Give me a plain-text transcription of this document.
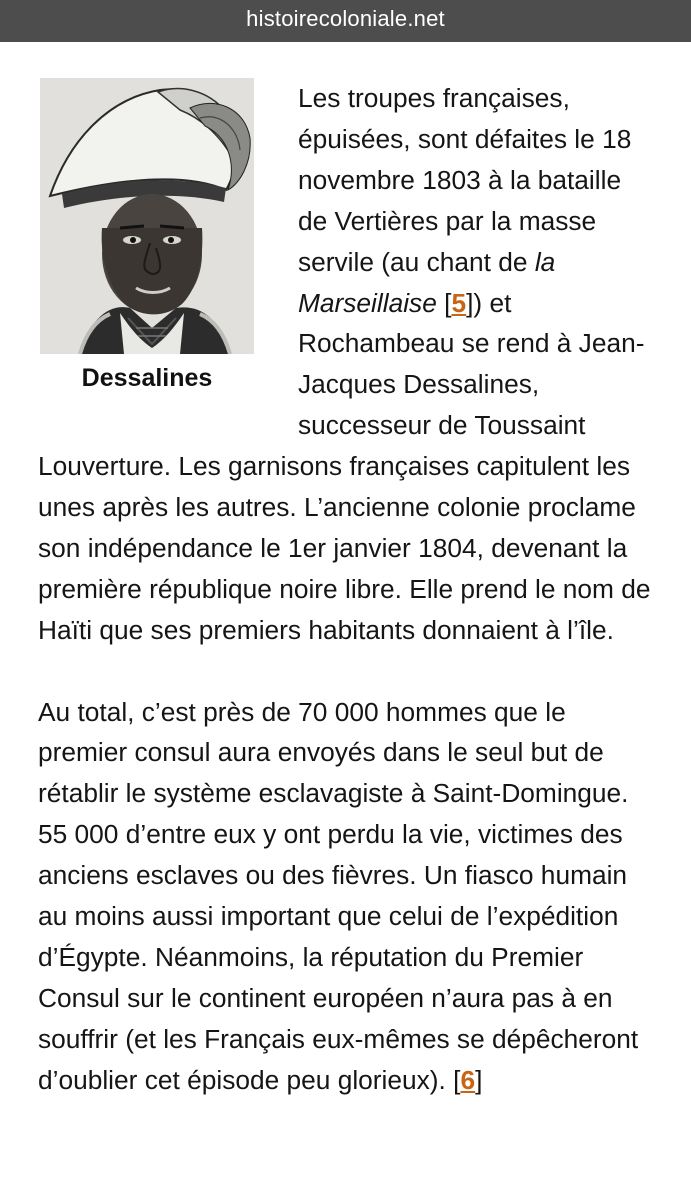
histoirecoloniale.net
Dessalines

Les troupes françaises, épuisées, sont défaites le 18 novembre 1803 à la bataille de Vertières par la masse servile (au chant de la Marseillaise [5]) et Rochambeau se rend à Jean-Jacques Dessalines, successeur de Toussaint Louverture. Les garnisons françaises capitulent les unes après les autres. L’ancienne colonie proclame son indépendance le 1er janvier 1804, devenant la première république noire libre. Elle prend le nom de Haïti que ses premiers habitants donnaient à l’île.

Au total, c’est près de 70 000 hommes que le premier consul aura envoyés dans le seul but de rétablir le système esclavagiste à Saint-Domingue. 55 000 d’entre eux y ont perdu la vie, victimes des anciens esclaves ou des fièvres. Un fiasco humain au moins aussi important que celui de l’expédition d’Égypte. Néanmoins, la réputation du Premier Consul sur le continent européen n’aura pas à en souffrir (et les Français eux-mêmes se dépêcheront d’oublier cet épisode peu glorieux). [6]
